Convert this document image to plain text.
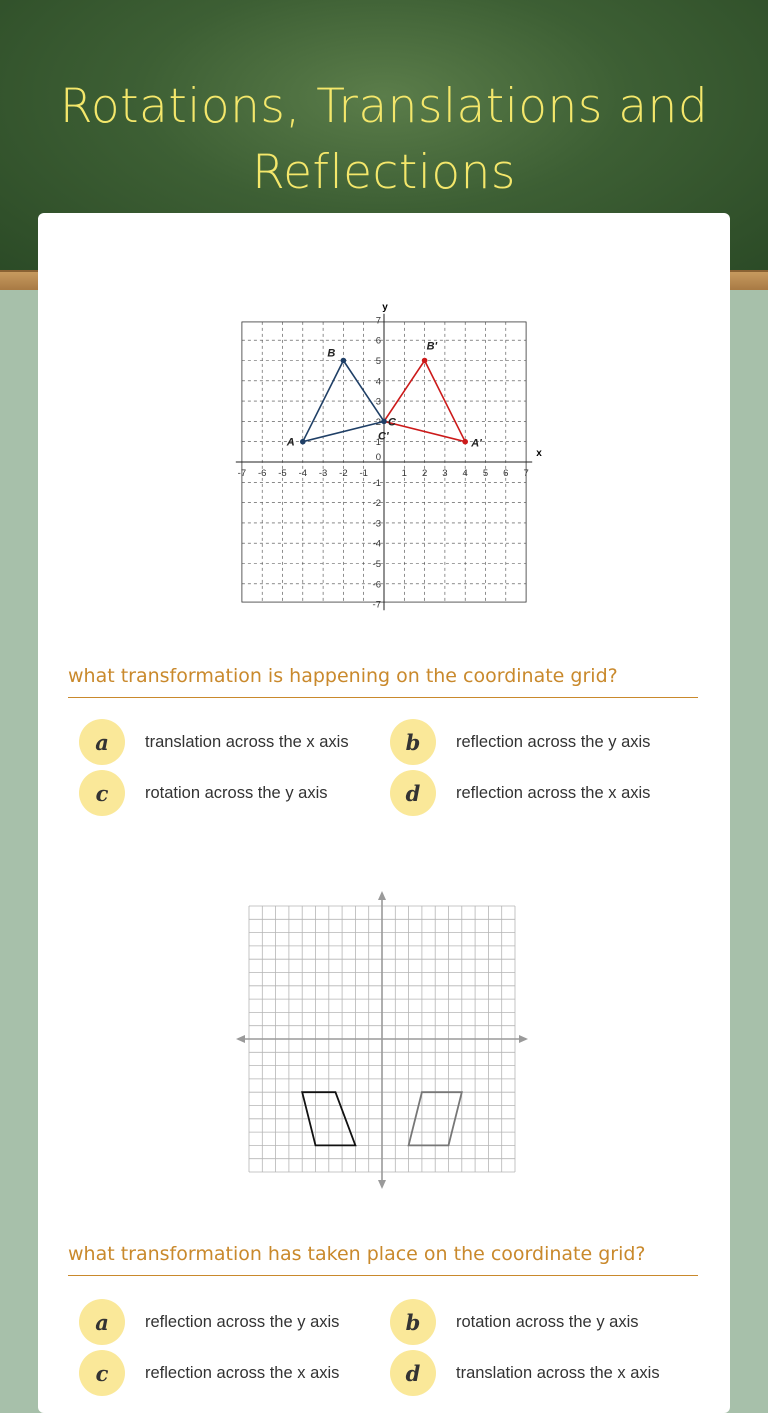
Rotations, Translations and Reflections
y
x
-7 -6 -5 -4 -3 -2 -1	1 2 3 4 5 6 7
0
7
6
5
4
3
2
1
-1
-2
-3
-4
-5
-6
-7
A
B
C
C'
B'
A'
what transformation is happening on the coordinate grid?
a	translation across the x axis	b	reflection across the y axis
c	rotation across the y axis	d	reflection across the x axis
what transformation has taken place on the coordinate grid?
a	reflection across the y axis	b	rotation across the y axis
c	reflection across the x axis	d	translation across the x axis
